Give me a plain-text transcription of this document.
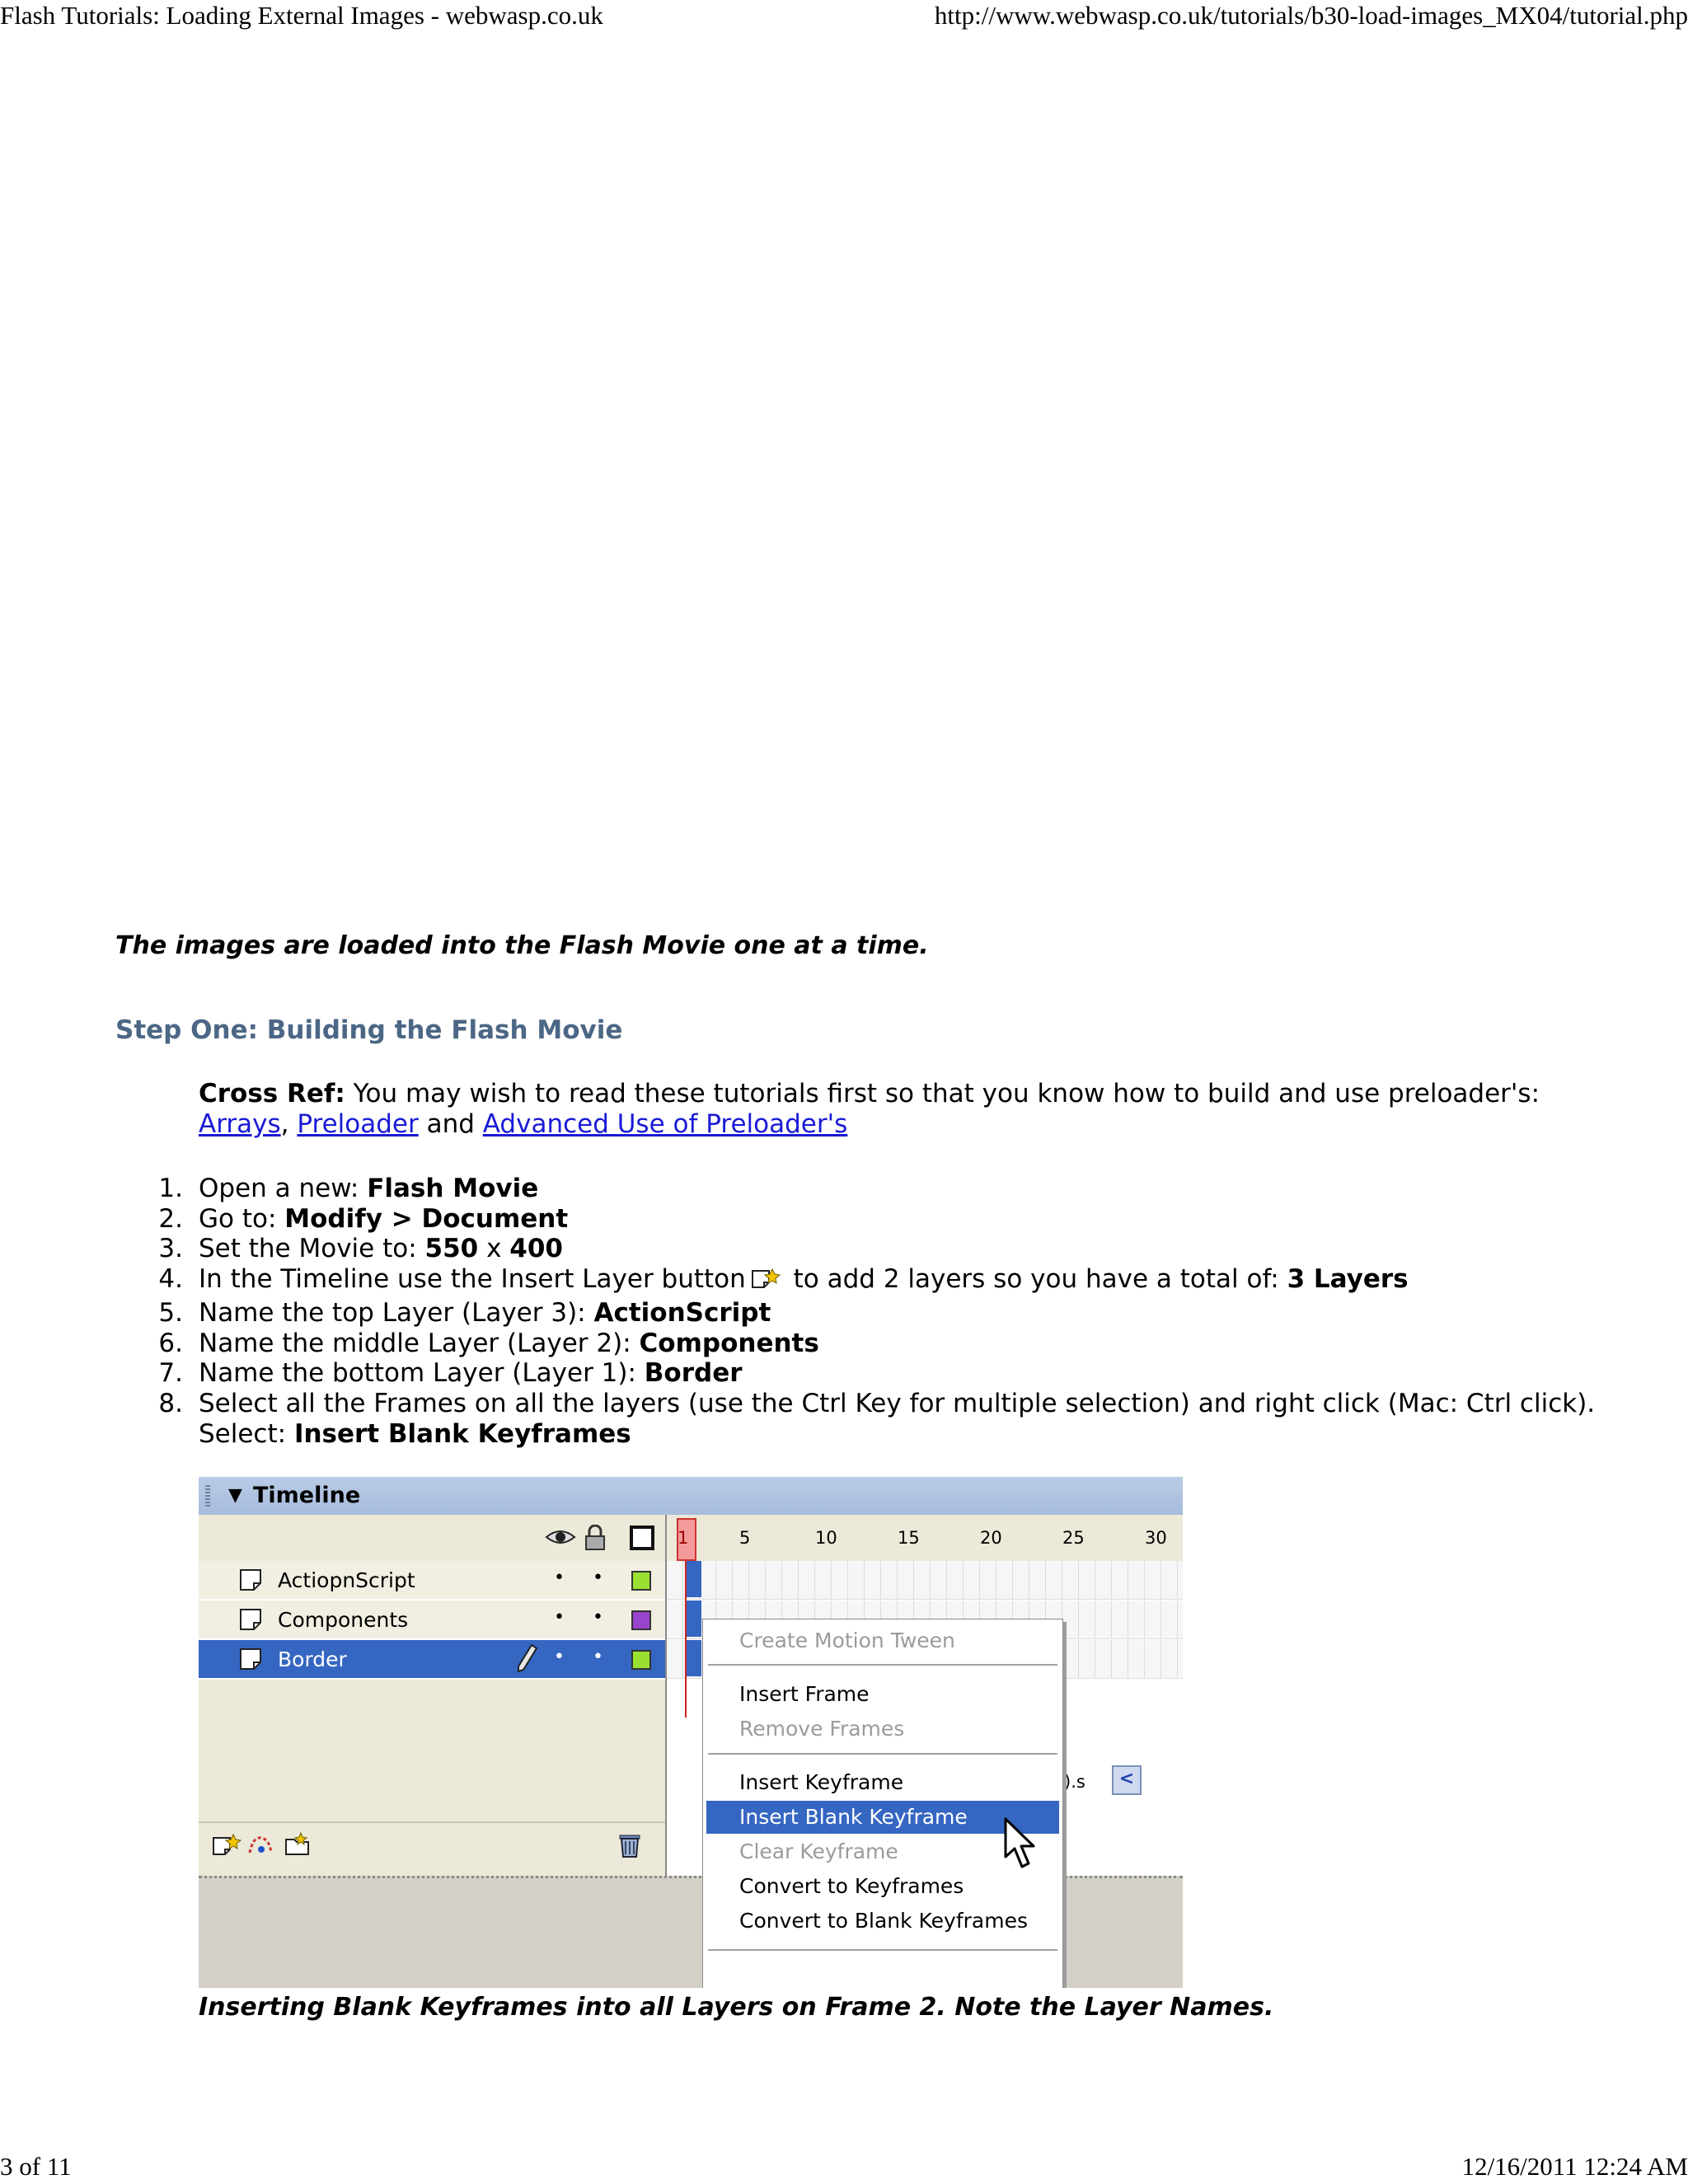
Flash Tutorials: Loading External Images - webwasp.co.uk	http://www.webwasp.co.uk/tutorials/b30-load-images_MX04/tutorial.php
The images are loaded into the Flash Movie one at a time.
Step One: Building the Flash Movie
Cross Ref: You may wish to read these tutorials first so that you know how to build and use preloader's: Arrays, Preloader and Advanced Use of Preloader's
1. Open a new: Flash Movie
2. Go to: Modify > Document
3. Set the Movie to: 550 x 400
4. In the Timeline use the Insert Layer button to add 2 layers so you have a total of: 3 Layers
5. Name the top Layer (Layer 3): ActionScript
6. Name the middle Layer (Layer 2): Components
7. Name the bottom Layer (Layer 1): Border
8. Select all the Frames on all the layers (use the Ctrl Key for multiple selection) and right click (Mac: Ctrl click).
Select: Insert Blank Keyframes
▼ Timeline
ActiopnScript	• •
Components	• •
Border	• •
1	5	10	15	20	25	30
).s	<
Create Motion Tween
Insert Frame
Remove Frames
Insert Keyframe
Insert Blank Keyframe
Clear Keyframe
Convert to Keyframes
Convert to Blank Keyframes
Inserting Blank Keyframes into all Layers on Frame 2. Note the Layer Names.
3 of 11	12/16/2011 12:24 AM
